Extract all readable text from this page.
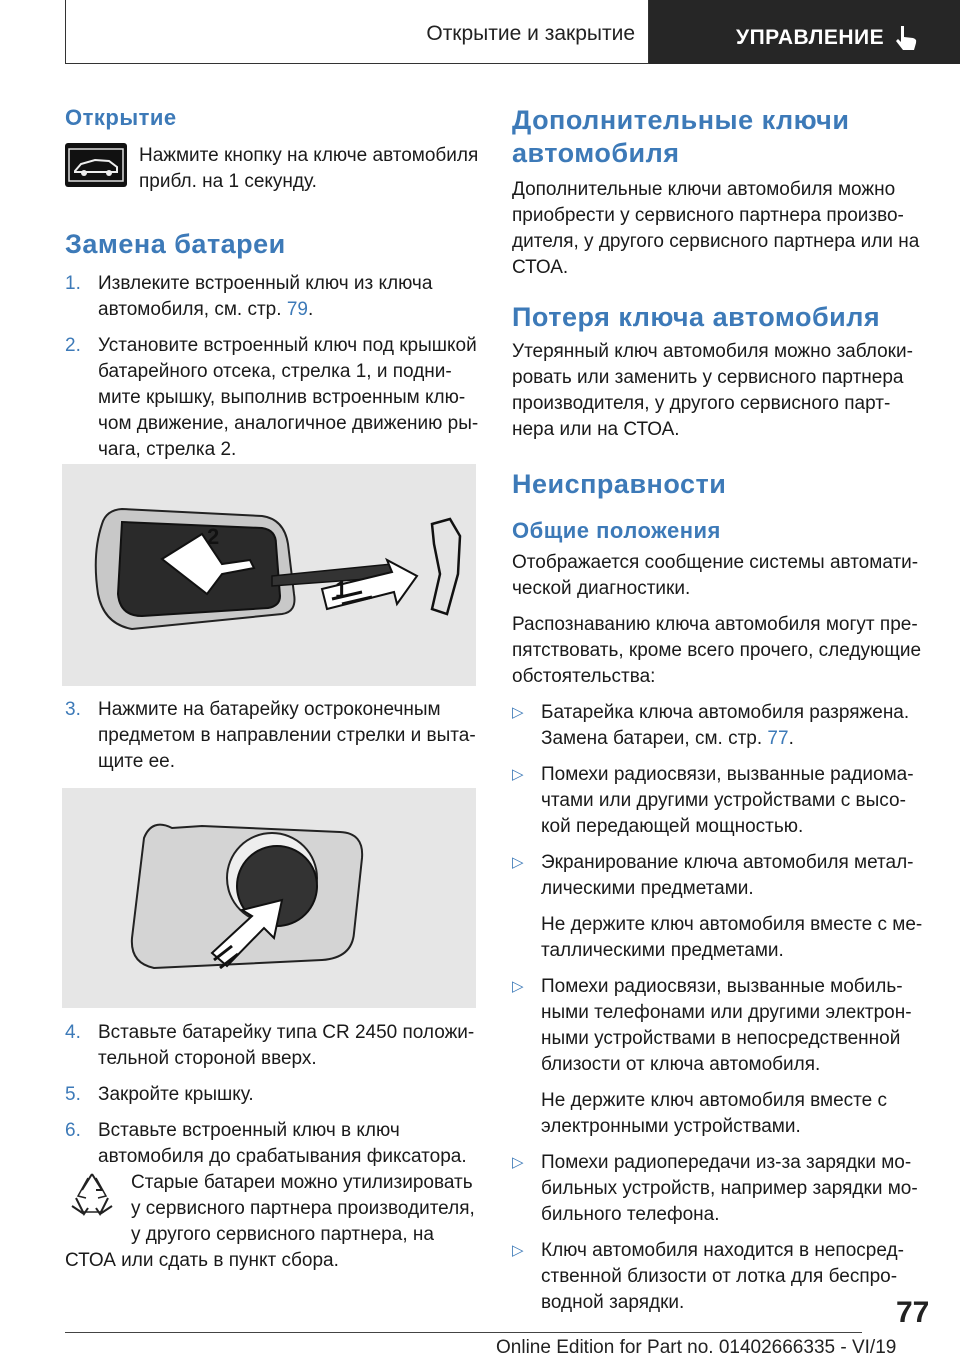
Открытие и закрытие	УПРАВЛЕНИЕ
Открытие

Нажмите кнопку на ключе автомобиля

прибл. на 1 секунду.

Замена батареи
1. Извлеките встроенный ключ из ключа

автомобиля, см. стр. 79.

2. Установите встроенный ключ под крышкой

батарейного отсека, стрелка 1, и подни-

мите крышку, выполнив встроенным клю-

чом движение, аналогичное движению ры-

чага, стрелка 2.

1
2
3. Нажмите на батарейку остроконечным

предметом в направлении стрелки и выта-

щите ее.

4. Вставьте батарейку типа CR 2450 положи-

тельной стороной вверх.

5. Закройте крышку.

6. Вставьте встроенный ключ в ключ

автомобиля до срабатывания фиксатора.

Старые батареи можно утилизировать

у сервисного партнера производителя,

у другого сервисного партнера, на

СТОА или сдать в пункт сбора.

Дополнительные ключи
автомобиля

Дополнительные ключи автомобиля можно

приобрести у сервисного партнера произво-

дителя, у другого сервисного партнера или на

СТОА.

Потеря ключа автомобиля

Утерянный ключ автомобиля можно заблоки-

ровать или заменить у сервисного партнера

производителя, у другого сервисного парт-

нера или на СТОА.

Неисправности
Общие положения

Отображается сообщение системы автомати-

ческой диагностики.

Распознаванию ключа автомобиля могут пре-

пятствовать, кроме всего прочего, следующие

обстоятельства:

▷ Батарейка ключа автомобиля разряжена.

Замена батареи, см. стр. 77.

▷ Помехи радиосвязи, вызванные радиома-

чтами или другими устройствами с высо-

кой передающей мощностью.

▷ Экранирование ключа автомобиля метал-

лическими предметами.

Не держите ключ автомобиля вместе с ме-

таллическими предметами.

▷ Помехи радиосвязи, вызванные мобиль-

ными телефонами или другими электрон-

ными устройствами в непосредственной

близости от ключа автомобиля.

Не держите ключ автомобиля вместе с

электронными устройствами.

▷ Помехи радиопередачи из-за зарядки мо-

бильных устройств, например зарядки мо-

бильного телефона.

▷ Ключ автомобиля находится в непосред-

ственной близости от лотка для беспро-

водной зарядки.	77
Online Edition for Part no. 01402666335 - VI/19
